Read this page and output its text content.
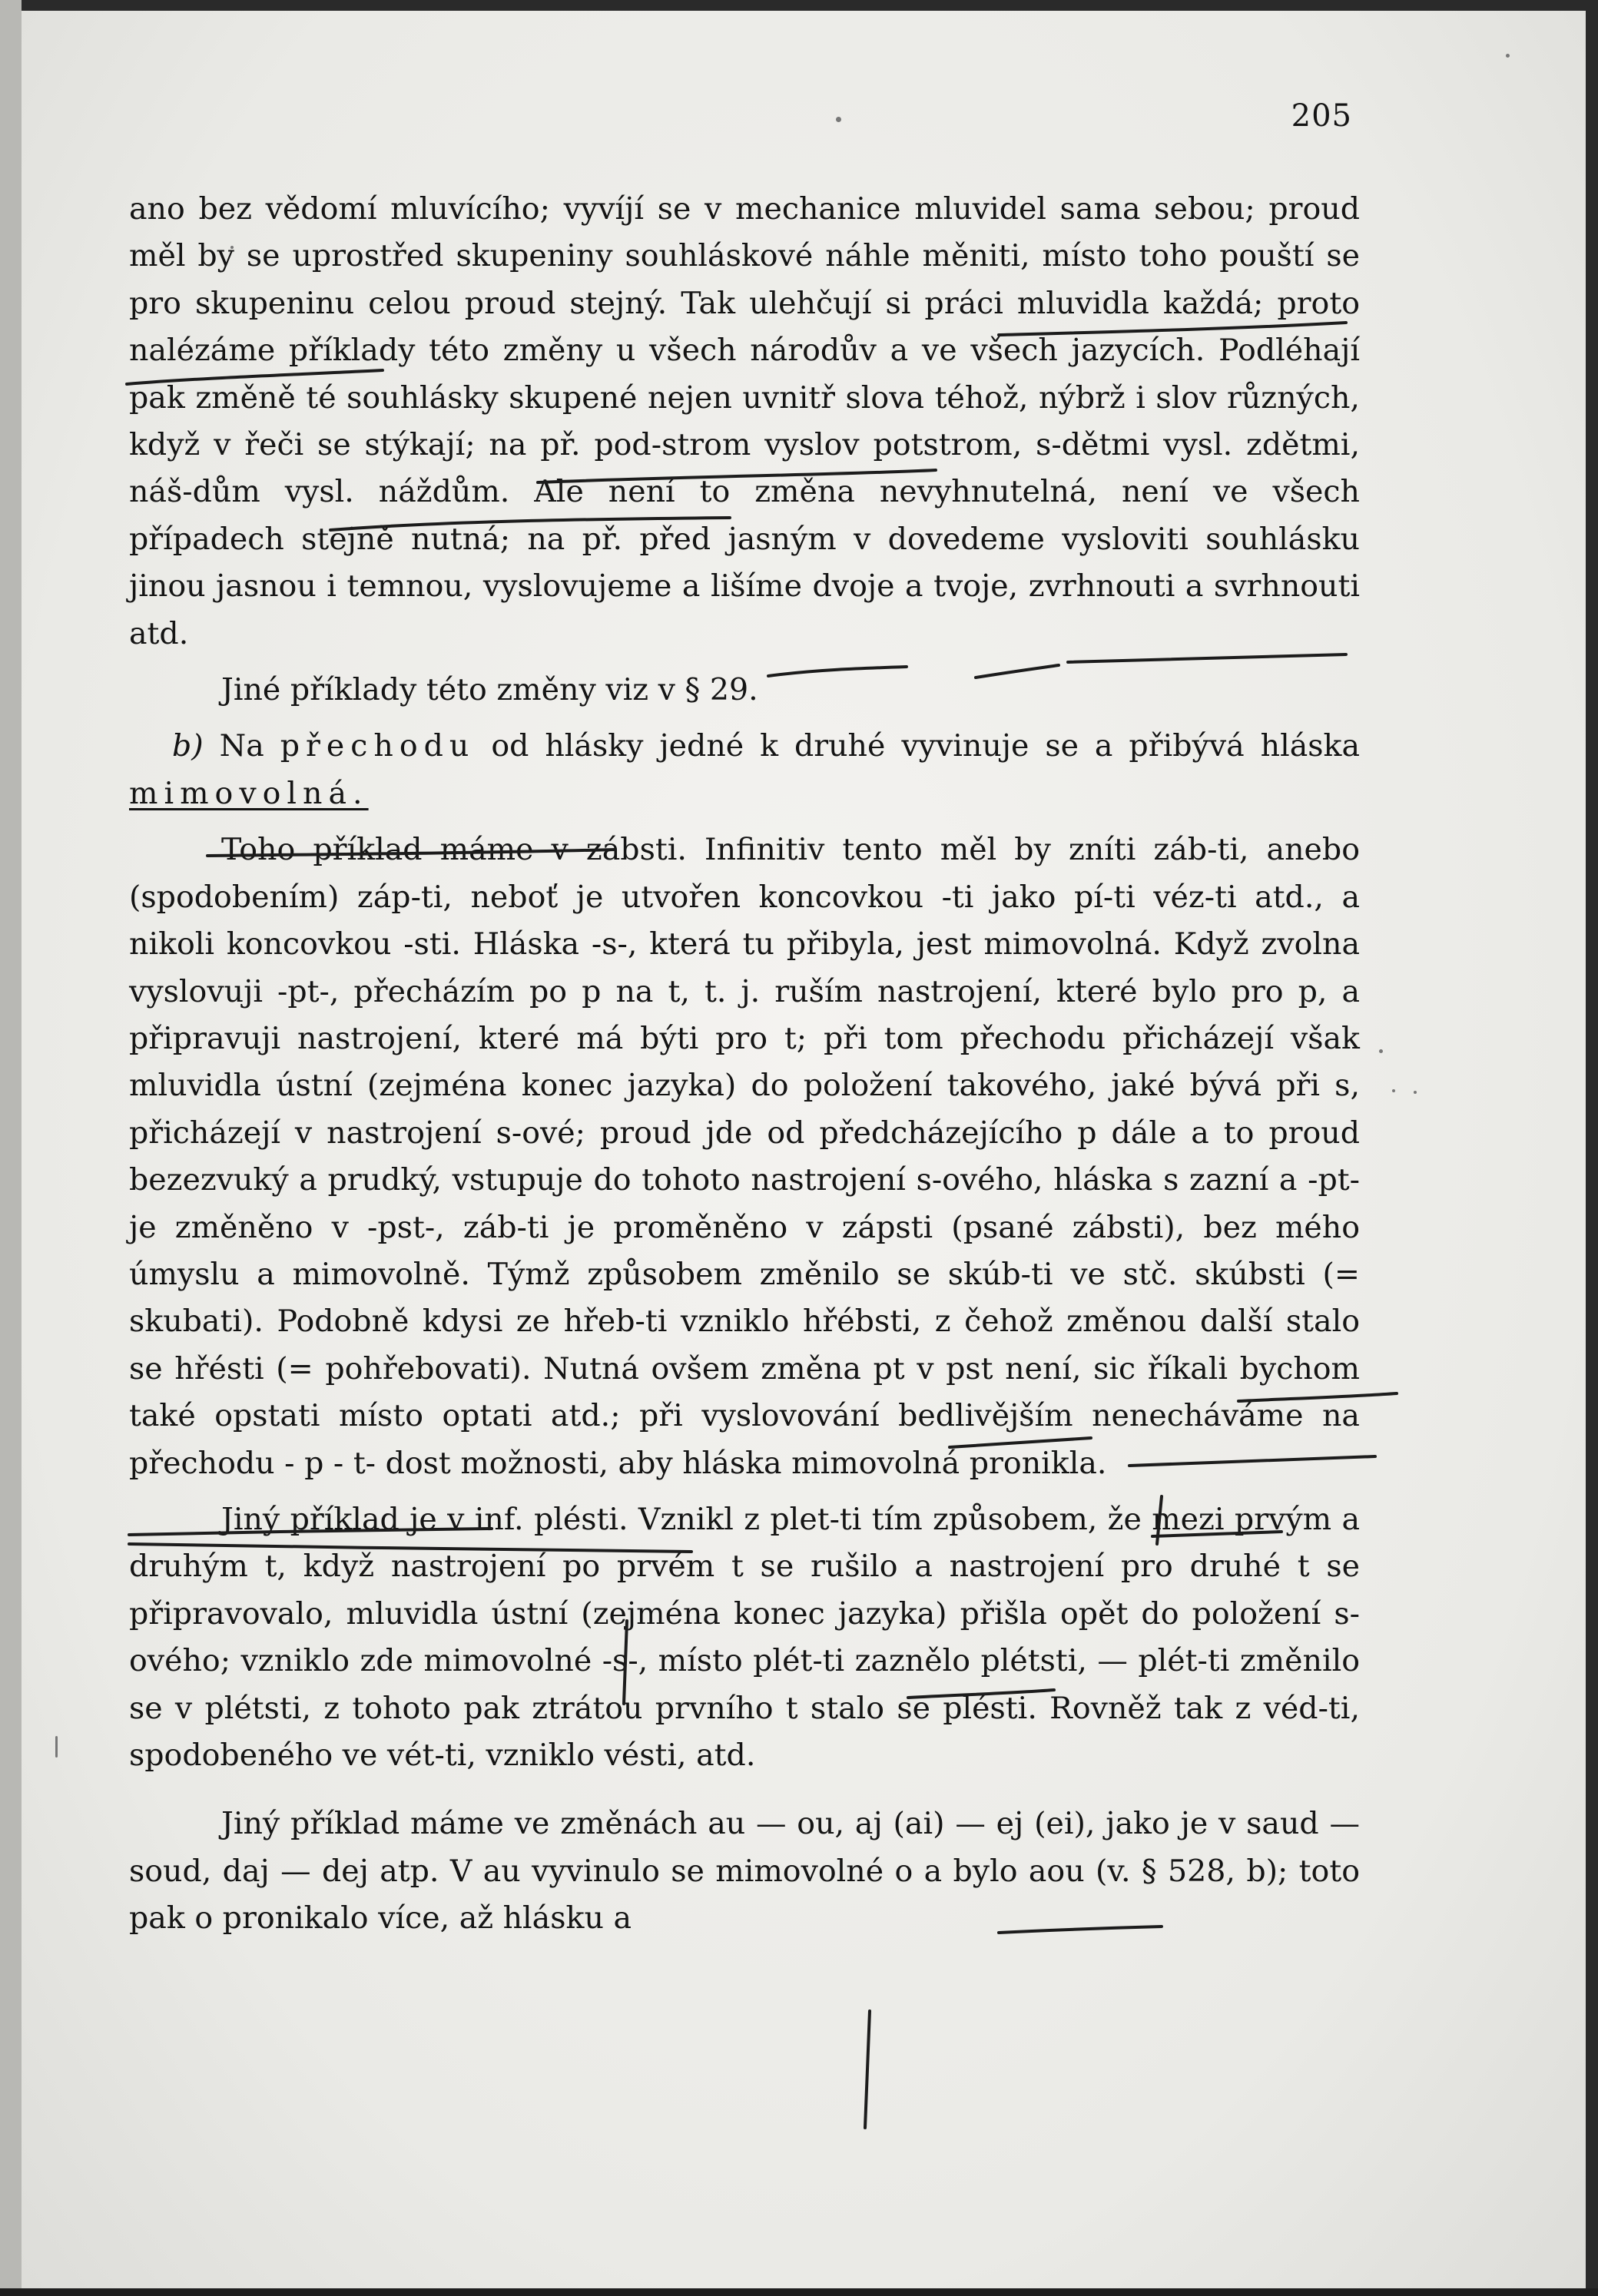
205

ano bez vědomí mluvícího; vyvíjí se v mechanice mluvidel sama sebou; proud měl by se uprostřed skupeniny souhláskové náhle měniti, místo toho pouští se pro skupeninu celou proud stejný. Tak ulehčují si práci mluvidla každá; proto nalézáme příklady této změny u všech národův a ve všech jazycích. Podléhají pak změně té souhlásky skupené nejen uvnitř slova téhož, nýbrž i slov různých, když v řeči se stýkají; na př. pod-strom vyslov potstrom, s-dětmi vysl. zdětmi, náš-dům vysl. náždům. Ale není to změna nevyhnutelná, není ve všech případech stejně nutná; na př. před jasným v dovedeme vysloviti souhlásku jinou jasnou i temnou, vyslovujeme a lišíme dvoje a tvoje, zvrhnouti a svrhnouti atd.

Jiné příklady této změny viz v § 29.

b) Na přechodu od hlásky jedné k druhé vyvinuje se a přibývá hláska mimovolná.

Toho příklad máme v zábsti. Infinitiv tento měl by zníti záb-ti, anebo (spodobením) záp-ti, neboť je utvořen koncovkou -ti jako pí-ti véz-ti atd., a nikoli koncovkou -sti. Hláska -s-, která tu přibyla, jest mimovolná. Když zvolna vyslovuji -pt-, přecházím po p na t, t. j. ruším nastrojení, které bylo pro p, a připravuji nastrojení, které má býti pro t; při tom přechodu přicházejí však mluvidla ústní (zejména konec jazyka) do položení takového, jaké bývá při s, přicházejí v nastrojení s-ové; proud jde od předcházejícího p dále a to proud bezezvuký a prudký, vstupuje do tohoto nastrojení s-ového, hláska s zazní a -pt- je změněno v -pst-, záb-ti je proměněno v zápsti (psané zábsti), bez mého úmyslu a mimovolně. Týmž způsobem změnilo se skúb-ti ve stč. skúbsti (= skubati). Podobně kdysi ze hřeb-ti vzniklo hřébsti, z čehož změnou další stalo se hřésti (= pohřebovati). Nutná ovšem změna pt v pst není, sic říkali bychom také opstati místo optati atd.; při vyslovování bedlivějším nenecháváme na přechodu - p - t- dost možnosti, aby hláska mimovolná pronikla.

Jiný příklad je v inf. plésti. Vznikl z plet-ti tím způsobem, že mezi prvým a druhým t, když nastrojení po prvém t se rušilo a nastrojení pro druhé t se připravovalo, mluvidla ústní (zejména konec jazyka) přišla opět do položení s-ového; vzniklo zde mimovolné -s-, místo plét-ti zaznělo plétsti, — plét-ti změnilo se v plétsti, z tohoto pak ztrátou prvního t stalo se plésti. Rovněž tak z véd-ti, spodobeného ve vét-ti, vzniklo vésti, atd.

Jiný příklad máme ve změnách au — ou, aj (ai) — ej (ei), jako je v saud — soud, daj — dej atp. V au vyvinulo se mimovolné o a bylo aou (v. § 528, b); toto pak o pronikalo více, až hlásku a
